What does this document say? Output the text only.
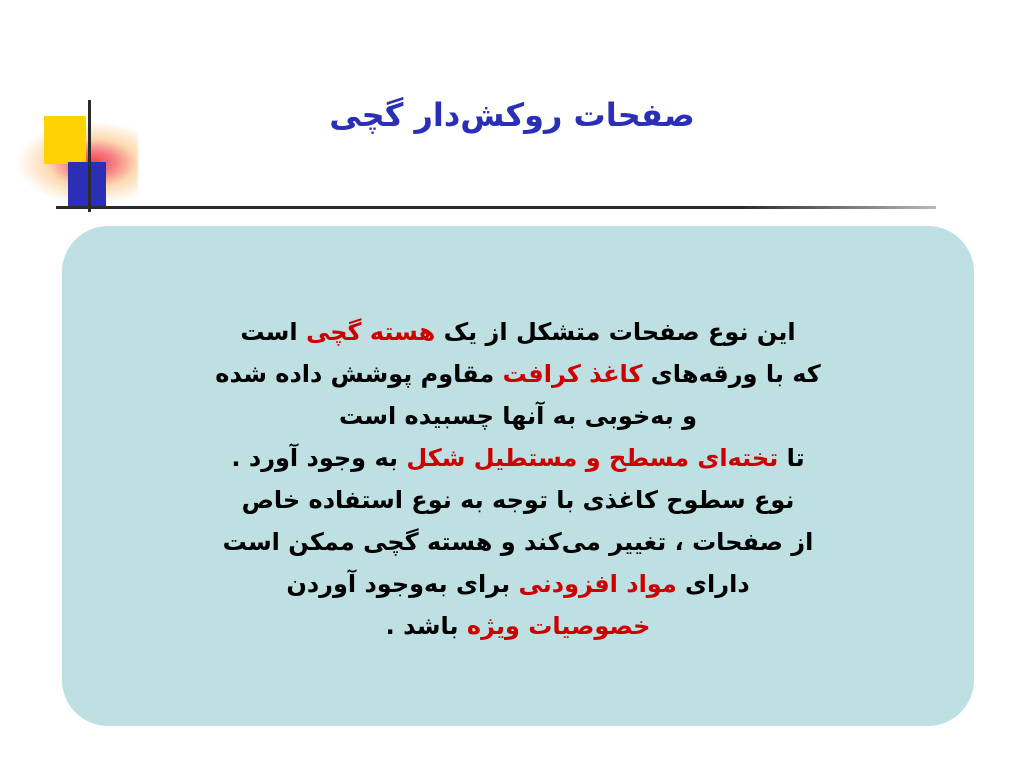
صفحات روکش‌دار گچی
این نوع صفحات متشکل از یک هسته گچی است
که با ورقه‌های کاغذ کرافت مقاوم پوشش داده شده
و به‌خوبی به آنها چسبیده است
تا تخته‌ای مسطح و مستطیل شکل به وجود آورد .
نوع سطوح کاغذی با توجه به نوع استفاده خاص
از صفحات ، تغییر می‌کند و هسته گچی ممکن است
دارای مواد افزودنی برای به‌وجود آوردن
خصوصیات ویژه باشد .
